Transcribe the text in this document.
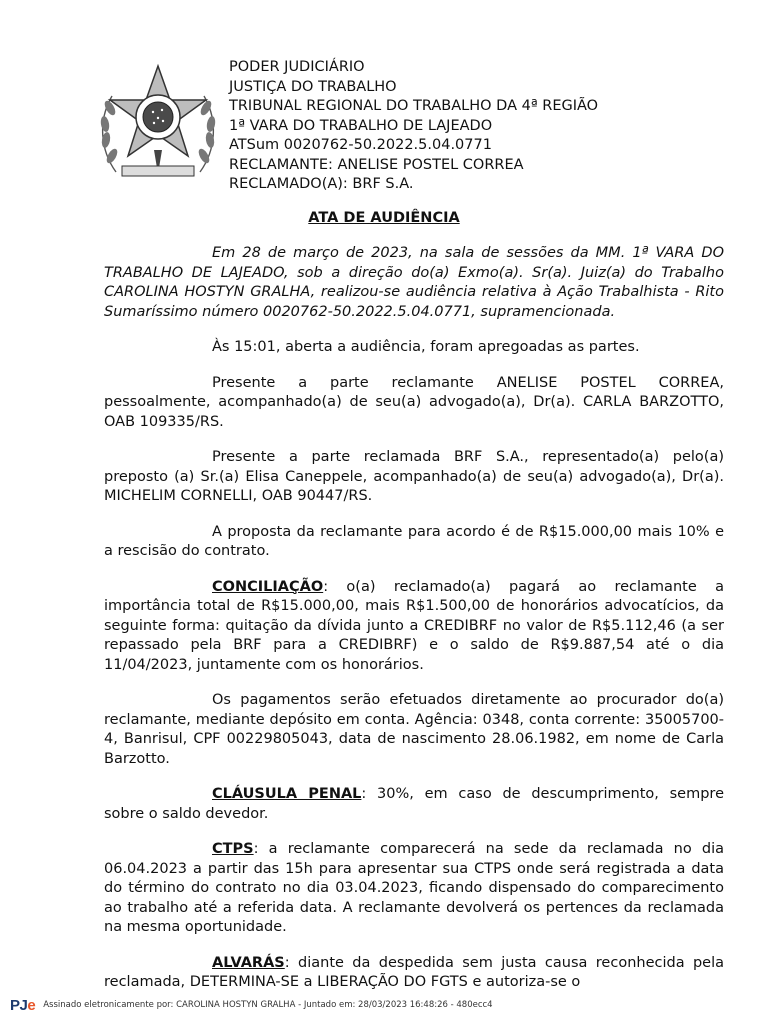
PODER JUDICIÁRIO
JUSTIÇA DO TRABALHO
TRIBUNAL REGIONAL DO TRABALHO DA 4ª REGIÃO
1ª VARA DO TRABALHO DE LAJEADO
ATSum 0020762-50.2022.5.04.0771
RECLAMANTE: ANELISE POSTEL CORREA
RECLAMADO(A): BRF S.A.
ATA DE AUDIÊNCIA

Em 28 de março de 2023, na sala de sessões da MM. 1ª VARA DO TRABALHO DE LAJEADO, sob a direção do(a) Exmo(a). Sr(a). Juiz(a) do Trabalho CAROLINA HOSTYN GRALHA, realizou-se audiência relativa à Ação Trabalhista - Rito Sumaríssimo número 0020762-50.2022.5.04.0771, supramencionada.

Às 15:01, aberta a audiência, foram apregoadas as partes.

Presente a parte reclamante ANELISE POSTEL CORREA, pessoalmente, acompanhado(a) de seu(a) advogado(a), Dr(a). CARLA BARZOTTO, OAB 109335/RS.

Presente a parte reclamada BRF S.A., representado(a) pelo(a) preposto (a) Sr.(a) Elisa Caneppele, acompanhado(a) de seu(a) advogado(a), Dr(a). MICHELIM CORNELLI, OAB 90447/RS.

A proposta da reclamante para acordo é de R$15.000,00 mais 10% e a rescisão do contrato.

CONCILIAÇÃO: o(a) reclamado(a) pagará ao reclamante a importância total de R$15.000,00, mais R$1.500,00 de honorários advocatícios, da seguinte forma: quitação da dívida junto a CREDIBRF no valor de R$5.112,46 (a ser repassado pela BRF para a CREDIBRF) e o saldo de R$9.887,54 até o dia 11/04/2023, juntamente com os honorários.

Os pagamentos serão efetuados diretamente ao procurador do(a) reclamante, mediante depósito em conta. Agência: 0348, conta corrente: 35005700-4, Banrisul, CPF 00229805043, data de nascimento 28.06.1982, em nome de Carla Barzotto.

CLÁUSULA PENAL: 30%, em caso de descumprimento, sempre sobre o saldo devedor.

CTPS: a reclamante comparecerá na sede da reclamada no dia 06.04.2023 a partir das 15h para apresentar sua CTPS onde será registrada a data do término do contrato no dia 03.04.2023, ficando dispensado do comparecimento ao trabalho até a referida data. A reclamante devolverá os pertences da reclamada na mesma oportunidade.

ALVARÁS: diante da despedida sem justa causa reconhecida pela reclamada, DETERMINA-SE a LIBERAÇÃO DO FGTS e autoriza-se o

PJe Assinado eletronicamente por: CAROLINA HOSTYN GRALHA - Juntado em: 28/03/2023 16:48:26 - 480ecc4
